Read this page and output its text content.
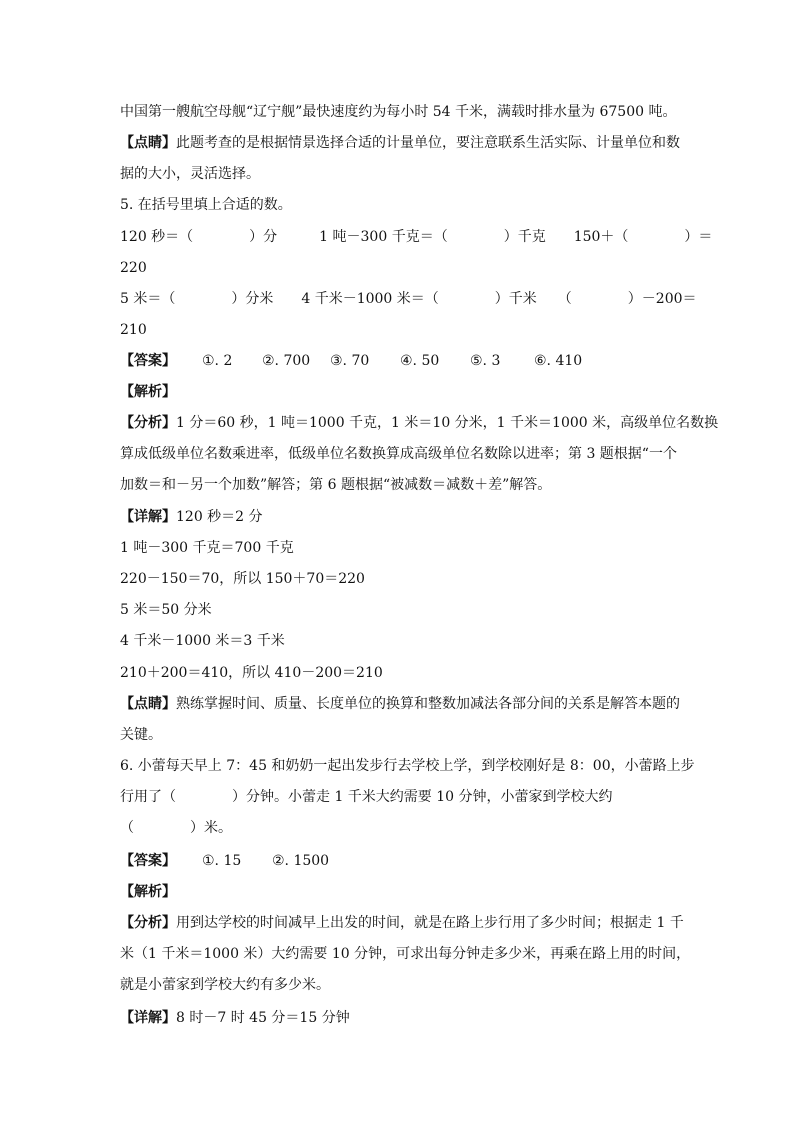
中国第一艘航空母舰“辽宁舰”最快速度约为每小时 54 千米，满载时排水量为 67500 吨。
【点睛】此题考查的是根据情景选择合适的计量单位，要注意联系生活实际、计量单位和数
据的大小，灵活选择。
5. 在括号里填上合适的数。
120 秒＝（　　　　）分　　　1 吨－300 千克＝（　　　　）千克　　150＋（　　　　）＝
220
5 米＝（　　　　）分米　　4 千米－1000 米＝（　　　　）千米　　（　　　　）－200＝
210
【答案】 ①. 2 ②. 700 ③. 70 ④. 50 ⑤. 3 ⑥. 410
【解析】
【分析】1 分＝60 秒，1 吨＝1000 千克，1 米＝10 分米，1 千米＝1000 米，高级单位名数换
算成低级单位名数乘进率，低级单位名数换算成高级单位名数除以进率；第 3 题根据“一个
加数＝和－另一个加数”解答；第 6 题根据“被减数＝减数＋差”解答。
【详解】120 秒＝2 分
1 吨－300 千克＝700 千克
220－150＝70，所以 150＋70＝220
5 米＝50 分米
4 千米－1000 米＝3 千米
210＋200＝410，所以 410－200＝210
【点睛】熟练掌握时间、质量、长度单位的换算和整数加减法各部分间的关系是解答本题的
关键。
6. 小蕾每天早上 7：45 和奶奶一起出发步行去学校上学，到学校刚好是 8：00，小蕾路上步
行用了（　　　　）分钟。小蕾走 1 千米大约需要 10 分钟，小蕾家到学校大约
（　　　　）米。
【答案】 ①. 15 ②. 1500
【解析】
【分析】用到达学校的时间减早上出发的时间，就是在路上步行用了多少时间；根据走 1 千
米（1 千米＝1000 米）大约需要 10 分钟，可求出每分钟走多少米，再乘在路上用的时间，
就是小蕾家到学校大约有多少米。
【详解】8 时－7 时 45 分＝15 分钟
